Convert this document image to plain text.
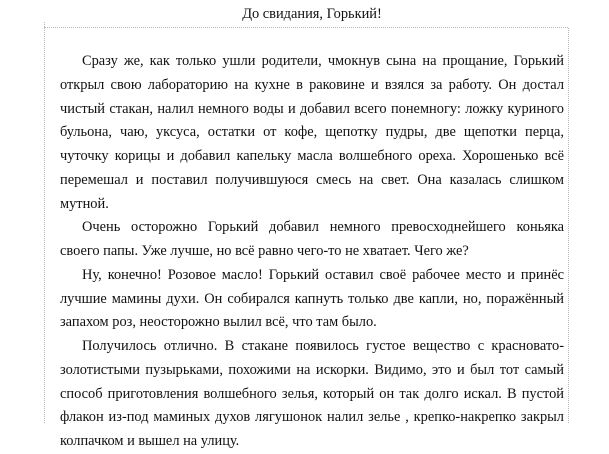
До свидания, Горький!

Сразу же, как только ушли родители, чмокнув сына на прощание, Горький открыл свою лабораторию на кухне в раковине и взялся за работу. Он достал чистый стакан, налил немного воды и добавил всего понемногу: ложку куриного бульона, чаю, уксуса, остатки от кофе, щепотку пудры, две щепотки перца, чуточку корицы и добавил капельку масла волшебного ореха. Хорошенько всё перемешал и поставил получившуюся смесь на свет. Она казалась слишком мутной.

Очень осторожно Горький добавил немного превосходнейшего коньяка своего папы. Уже лучше, но всё равно чего-то не хватает. Чего же?

Ну, конечно! Розовое масло! Горький оставил своё рабочее место и принёс лучшие мамины духи. Он собирался капнуть только две капли, но, поражённый запахом роз, неосторожно вылил всё, что там было.

Получилось отлично. В стакане появилось густое вещество с красновато-золотистыми пузырьками, похожими на искорки. Видимо, это и был тот самый способ приготовления волшебного зелья, который он так долго искал. В пустой флакон из-под маминых духов лягушонок налил зелье , крепко-накрепко закрыл колпачком и вышел на улицу.
